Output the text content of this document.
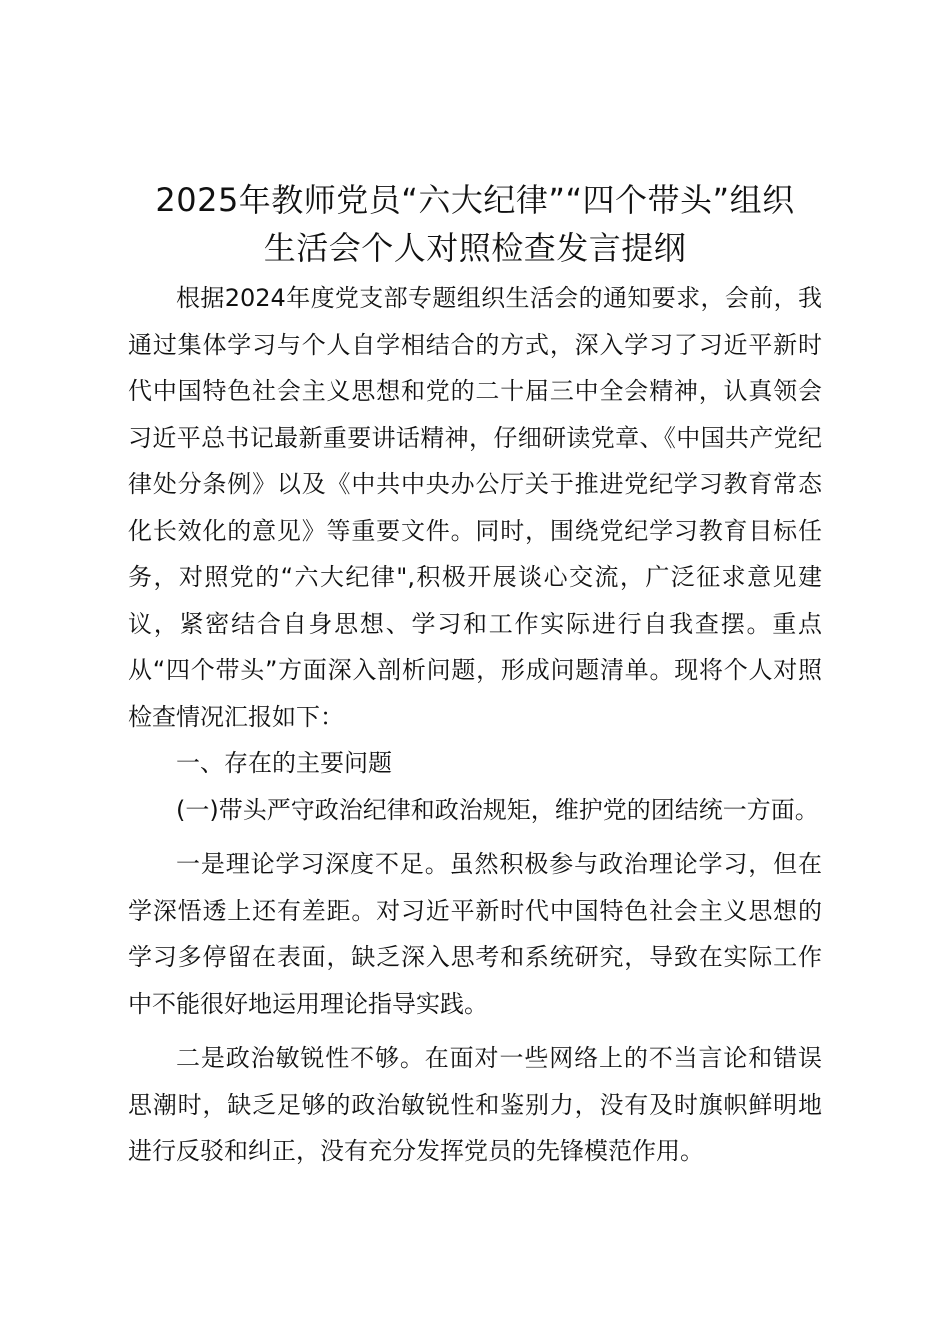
2025年教师党员“六大纪律”“四个带头”组织
生活会个人对照检查发言提纲

根据2024年度党支部专题组织生活会的通知要求，会前，我通过集体学习与个人自学相结合的方式，深入学习了习近平新时代中国特色社会主义思想和党的二十届三中全会精神，认真领会习近平总书记最新重要讲话精神，仔细研读党章、《中国共产党纪律处分条例》以及《中共中央办公厅关于推进党纪学习教育常态化长效化的意见》等重要文件。同时，围绕党纪学习教育目标任务，对照党的“六大纪律",积极开展谈心交流，广泛征求意见建议，紧密结合自身思想、学习和工作实际进行自我查摆。重点从“四个带头”方面深入剖析问题，形成问题清单。现将个人对照检查情况汇报如下：

一、存在的主要问题

(一)带头严守政治纪律和政治规矩，维护党的团结统一方面。

一是理论学习深度不足。虽然积极参与政治理论学习，但在学深悟透上还有差距。对习近平新时代中国特色社会主义思想的学习多停留在表面，缺乏深入思考和系统研究，导致在实际工作中不能很好地运用理论指导实践。

二是政治敏锐性不够。在面对一些网络上的不当言论和错误思潮时，缺乏足够的政治敏锐性和鉴别力，没有及时旗帜鲜明地进行反驳和纠正，没有充分发挥党员的先锋模范作用。
